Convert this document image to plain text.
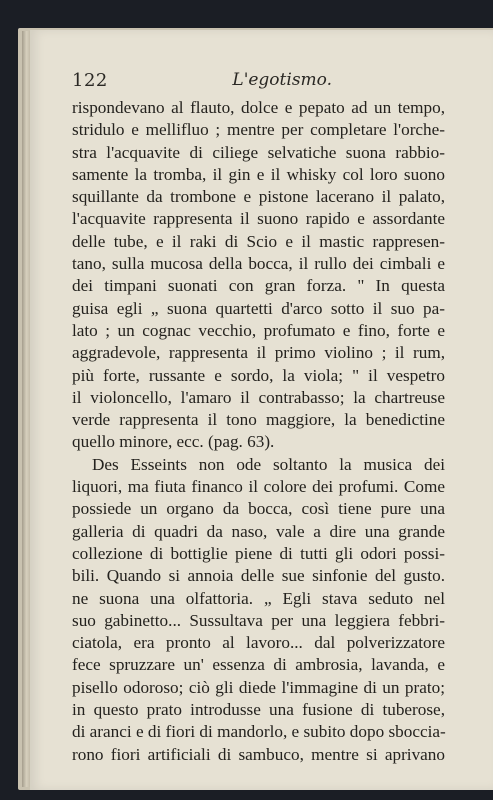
122	L'egotismo.
rispondevano al flauto, dolce e pepato ad un tempo,
stridulo e mellifluo ; mentre per completare l'orche-
stra l'acquavite di ciliege selvatiche suona rabbio-
samente la tromba, il gin e il whisky col loro suono
squillante da trombone e pistone lacerano il palato,
l'acquavite rappresenta il suono rapido e assordante
delle tube, e il raki di Scio e il mastic rappresen-
tano, sulla mucosa della bocca, il rullo dei cimbali e
dei timpani suonati con gran forza. " In questa
guisa egli „ suona quartetti d'arco sotto il suo pa-
lato ; un cognac vecchio, profumato e fino, forte e
aggradevole, rappresenta il primo violino ; il rum,
più forte, russante e sordo, la viola; " il vespetro
il violoncello, l'amaro il contrabasso; la chartreuse
verde rappresenta il tono maggiore, la benedictine
quello minore, ecc. (pag. 63).
Des Esseints non ode soltanto la musica dei
liquori, ma fiuta financo il colore dei profumi. Come
possiede un organo da bocca, così tiene pure una
galleria di quadri da naso, vale a dire una grande
collezione di bottiglie piene di tutti gli odori possi-
bili. Quando si annoia delle sue sinfonie del gusto.
ne suona una olfattoria. „ Egli stava seduto nel
suo gabinetto... Sussultava per una leggiera febbri-
ciatola, era pronto al lavoro... dal polverizzatore
fece spruzzare un' essenza di ambrosia, lavanda, e
pisello odoroso; ciò gli diede l'immagine di un prato;
in questo prato introdusse una fusione di tuberose,
di aranci e di fiori di mandorlo, e subito dopo sboccia-
rono fiori artificiali di sambuco, mentre si aprivano
